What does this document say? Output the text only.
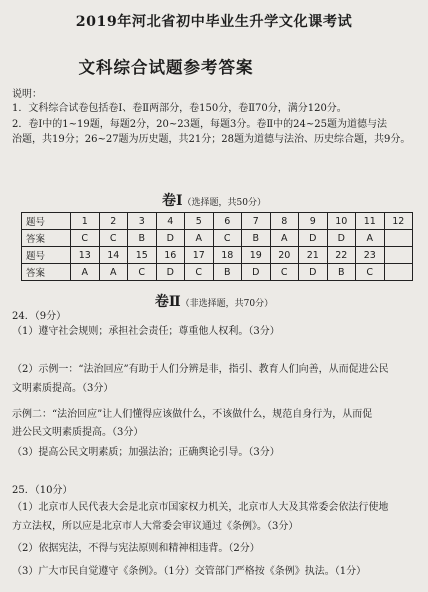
2019年河北省初中毕业生升学文化课考试
文科综合试题参考答案
说明：
1．文科综合试卷包括卷Ⅰ、卷Ⅱ两部分，卷150分，卷Ⅱ70分，满分120分。
2．卷Ⅰ中的1~19题，每题2分，20~23题，每题3分。卷Ⅱ中的24~25题为道德与法
治题，共19分；26~27题为历史题，共21分；28题为道德与法治、历史综合题，共9分。
卷Ⅰ（选择题，共50分）
题号	1	2	3	4	5	6	7	8	9	10	11	12
答案	C	C	B	D	A	C	B	A	D	D	A	
题号	13	14	15	16	17	18	19	20	21	22	23	
答案	A	A	C	D	C	B	D	C	D	B	C	
卷Ⅱ（非选择题，共70分）
24．（9分）
（1）遵守社会规则；承担社会责任；尊重他人权利。（3分）
（2）示例一：“法治回应”有助于人们分辨是非，指引、教育人们向善，从而促进公民
文明素质提高。（3分）
示例二：“法治回应”让人们懂得应该做什么，不该做什么，规范自身行为，从而促
进公民文明素质提高。（3分）
（3）提高公民文明素质；加强法治；正确舆论引导。（3分）
25．（10分）
（1）北京市人民代表大会是北京市国家权力机关，北京市人大及其常委会依法行使地
方立法权，所以应是北京市人大常委会审议通过《条例》。（3分）
（2）依据宪法，不得与宪法原则和精神相违背。（2分）
（3）广大市民自觉遵守《条例》。（1分）交管部门严格按《条例》执法。（1分）
